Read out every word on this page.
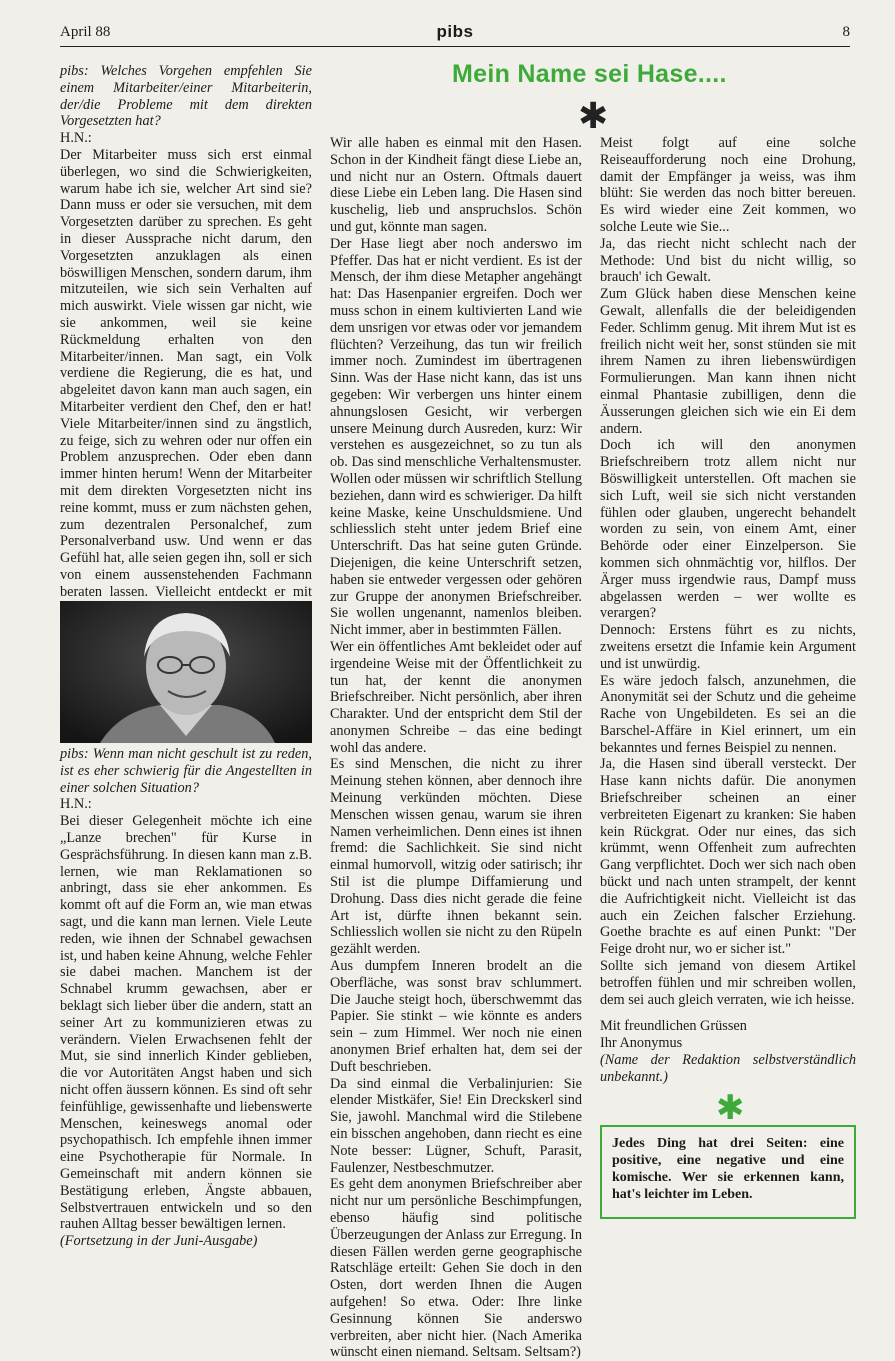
April 88	pibs	8

pibs: Welches Vorgehen empfehlen Sie einem Mitarbeiter/einer Mitarbeiterin, der/die Probleme mit dem direkten Vorgesetzten hat?

H.N.:

Der Mitarbeiter muss sich erst einmal überlegen, wo sind die Schwierigkeiten, warum habe ich sie, welcher Art sind sie? Dann muss er oder sie versuchen, mit dem Vorgesetzten darüber zu sprechen. Es geht in dieser Aussprache nicht darum, den Vorgesetzten anzuklagen als einen böswilligen Menschen, sondern darum, ihm mitzuteilen, wie sich sein Verhalten auf mich auswirkt. Viele wissen gar nicht, wie sie ankommen, weil sie keine Rückmeldung erhalten von den Mitarbeiter/innen. Man sagt, ein Volk verdiene die Regierung, die es hat, und abgeleitet davon kann man auch sagen, ein Mitarbeiter verdient den Chef, den er hat! Viele Mitarbeiter/innen sind zu ängstlich, zu feige, sich zu wehren oder nur offen ein Problem anzusprechen. Oder eben dann immer hinten herum! Wenn der Mitarbeiter mit dem direkten Vorgesetzten nicht ins reine kommt, muss er zum nächsten gehen, zum dezentralen Personalchef, zum Personalverband usw. Und wenn er das Gefühl hat, alle seien gegen ihn, soll er sich von einem aussenstehenden Fachmann beraten lassen. Vielleicht entdeckt er mit

pibs: Wenn man nicht geschult ist zu reden, ist es eher schwierig für die Angestellten in einer solchen Situation?

H.N.:

Bei dieser Gelegenheit möchte ich eine „Lanze brechen" für Kurse in Gesprächsführung. In diesen kann man z.B. lernen, wie man Reklamationen so anbringt, dass sie eher ankommen. Es kommt oft auf die Form an, wie man etwas sagt, und die kann man lernen. Viele Leute reden, wie ihnen der Schnabel gewachsen ist, und haben keine Ahnung, welche Fehler sie dabei machen. Manchem ist der Schnabel krumm gewachsen, aber er beklagt sich lieber über die andern, statt an seiner Art zu kommunizieren etwas zu verändern. Vielen Erwachsenen fehlt der Mut, sie sind innerlich Kinder geblieben, die vor Autoritäten Angst haben und sich nicht offen äussern können. Es sind oft sehr feinfühlige, gewissenhafte und liebenswerte Menschen, keineswegs anomal oder psychopathisch. Ich empfehle ihnen immer eine Psychotherapie für Normale. In Gemeinschaft mit andern können sie Bestätigung erleben, Ängste abbauen, Selbstvertrauen entwickeln und so den rauhen Alltag besser bewältigen lernen.

(Fortsetzung in der Juni-Ausgabe)

Mein Name sei Hase....
✱

Wir alle haben es einmal mit den Hasen. Schon in der Kindheit fängt diese Liebe an, und nicht nur an Ostern. Oftmals dauert diese Liebe ein Leben lang. Die Hasen sind kuschelig, lieb und anspruchslos. Schön und gut, könnte man sagen.

Der Hase liegt aber noch anderswo im Pfeffer. Das hat er nicht verdient. Es ist der Mensch, der ihm diese Metapher angehängt hat: Das Hasenpanier ergreifen. Doch wer muss schon in einem kultivierten Land wie dem unsrigen vor etwas oder vor jemandem flüchten? Verzeihung, das tun wir freilich immer noch. Zumindest im übertragenen Sinn. Was der Hase nicht kann, das ist uns gegeben: Wir verbergen uns hinter einem ahnungslosen Gesicht, wir verbergen unsere Meinung durch Ausreden, kurz: Wir verstehen es ausgezeichnet, so zu tun als ob. Das sind menschliche Verhaltensmuster.

Wollen oder müssen wir schriftlich Stellung beziehen, dann wird es schwieriger. Da hilft keine Maske, keine Unschuldsmiene. Und schliesslich steht unter jedem Brief eine Unterschrift. Das hat seine guten Gründe. Diejenigen, die keine Unterschrift setzen, haben sie entweder vergessen oder gehören zur Gruppe der anonymen Briefschreiber. Sie wollen ungenannt, namenlos bleiben. Nicht immer, aber in bestimmten Fällen.

Wer ein öffentliches Amt bekleidet oder auf irgendeine Weise mit der Öffentlichkeit zu tun hat, der kennt die anonymen Briefschreiber. Nicht persönlich, aber ihren Charakter. Und der entspricht dem Stil der anonymen Schreibe – das eine bedingt wohl das andere.

Es sind Menschen, die nicht zu ihrer Meinung stehen können, aber dennoch ihre Meinung verkünden möchten. Diese Menschen wissen genau, warum sie ihren Namen verheimlichen. Denn eines ist ihnen fremd: die Sachlichkeit. Sie sind nicht einmal humorvoll, witzig oder satirisch; ihr Stil ist die plumpe Diffamierung und Drohung. Dass dies nicht gerade die feine Art ist, dürfte ihnen bekannt sein. Schliesslich wollen sie nicht zu den Rüpeln gezählt werden.

Aus dumpfem Inneren brodelt an die Oberfläche, was sonst brav schlummert. Die Jauche steigt hoch, überschwemmt das Papier. Sie stinkt – wie könnte es anders sein – zum Himmel. Wer noch nie einen anonymen Brief erhalten hat, dem sei der Duft beschrieben.

Da sind einmal die Verbalinjurien: Sie elender Mistkäfer, Sie! Ein Dreckskerl sind Sie, jawohl. Manchmal wird die Stilebene ein bisschen angehoben, dann riecht es eine Note besser: Lügner, Schuft, Parasit, Faulenzer, Nestbeschmutzer.

Es geht dem anonymen Briefschreiber aber nicht nur um persönliche Beschimpfungen, ebenso häufig sind politische Überzeugungen der Anlass zur Erregung. In diesen Fällen werden gerne geographische Ratschläge erteilt: Gehen Sie doch in den Osten, dort werden Ihnen die Augen aufgehen! So etwa. Oder: Ihre linke Gesinnung können Sie anderswo verbreiten, aber nicht hier. (Nach Amerika wünscht einen niemand. Seltsam. Seltsam?)

Meist folgt auf eine solche Reiseaufforderung noch eine Drohung, damit der Empfänger ja weiss, was ihm blüht: Sie werden das noch bitter bereuen. Es wird wieder eine Zeit kommen, wo solche Leute wie Sie...

Ja, das riecht nicht schlecht nach der Methode: Und bist du nicht willig, so brauch' ich Gewalt.

Zum Glück haben diese Menschen keine Gewalt, allenfalls die der beleidigenden Feder. Schlimm genug. Mit ihrem Mut ist es freilich nicht weit her, sonst stünden sie mit ihrem Namen zu ihren liebenswürdigen Formulierungen. Man kann ihnen nicht einmal Phantasie zubilligen, denn die Äusserungen gleichen sich wie ein Ei dem andern.

Doch ich will den anonymen Briefschreibern trotz allem nicht nur Böswilligkeit unterstellen. Oft machen sie sich Luft, weil sie sich nicht verstanden fühlen oder glauben, ungerecht behandelt worden zu sein, von einem Amt, einer Behörde oder einer Einzelperson. Sie kommen sich ohnmächtig vor, hilflos. Der Ärger muss irgendwie raus, Dampf muss abgelassen werden – wer wollte es verargen?

Dennoch: Erstens führt es zu nichts, zweitens ersetzt die Infamie kein Argument und ist unwürdig.

Es wäre jedoch falsch, anzunehmen, die Anonymität sei der Schutz und die geheime Rache von Ungebildeten. Es sei an die Barschel-Affäre in Kiel erinnert, um ein bekanntes und fernes Beispiel zu nennen.

Ja, die Hasen sind überall versteckt. Der Hase kann nichts dafür. Die anonymen Briefschreiber scheinen an einer verbreiteten Eigenart zu kranken: Sie haben kein Rückgrat. Oder nur eines, das sich krümmt, wenn Offenheit zum aufrechten Gang verpflichtet. Doch wer sich nach oben bückt und nach unten strampelt, der kennt die Aufrichtigkeit nicht. Vielleicht ist das auch ein Zeichen falscher Erziehung. Goethe brachte es auf einen Punkt: "Der Feige droht nur, wo er sicher ist."

Sollte sich jemand von diesem Artikel betroffen fühlen und mir schreiben wollen, dem sei auch gleich verraten, wie ich heisse.

Mit freundlichen Grüssen

Ihr Anonymus

(Name der Redaktion selbstverständlich unbekannt.)

✱

Jedes Ding hat drei Seiten: eine positive, eine negative und eine komische. Wer sie erkennen kann, hat's leichter im Leben.
